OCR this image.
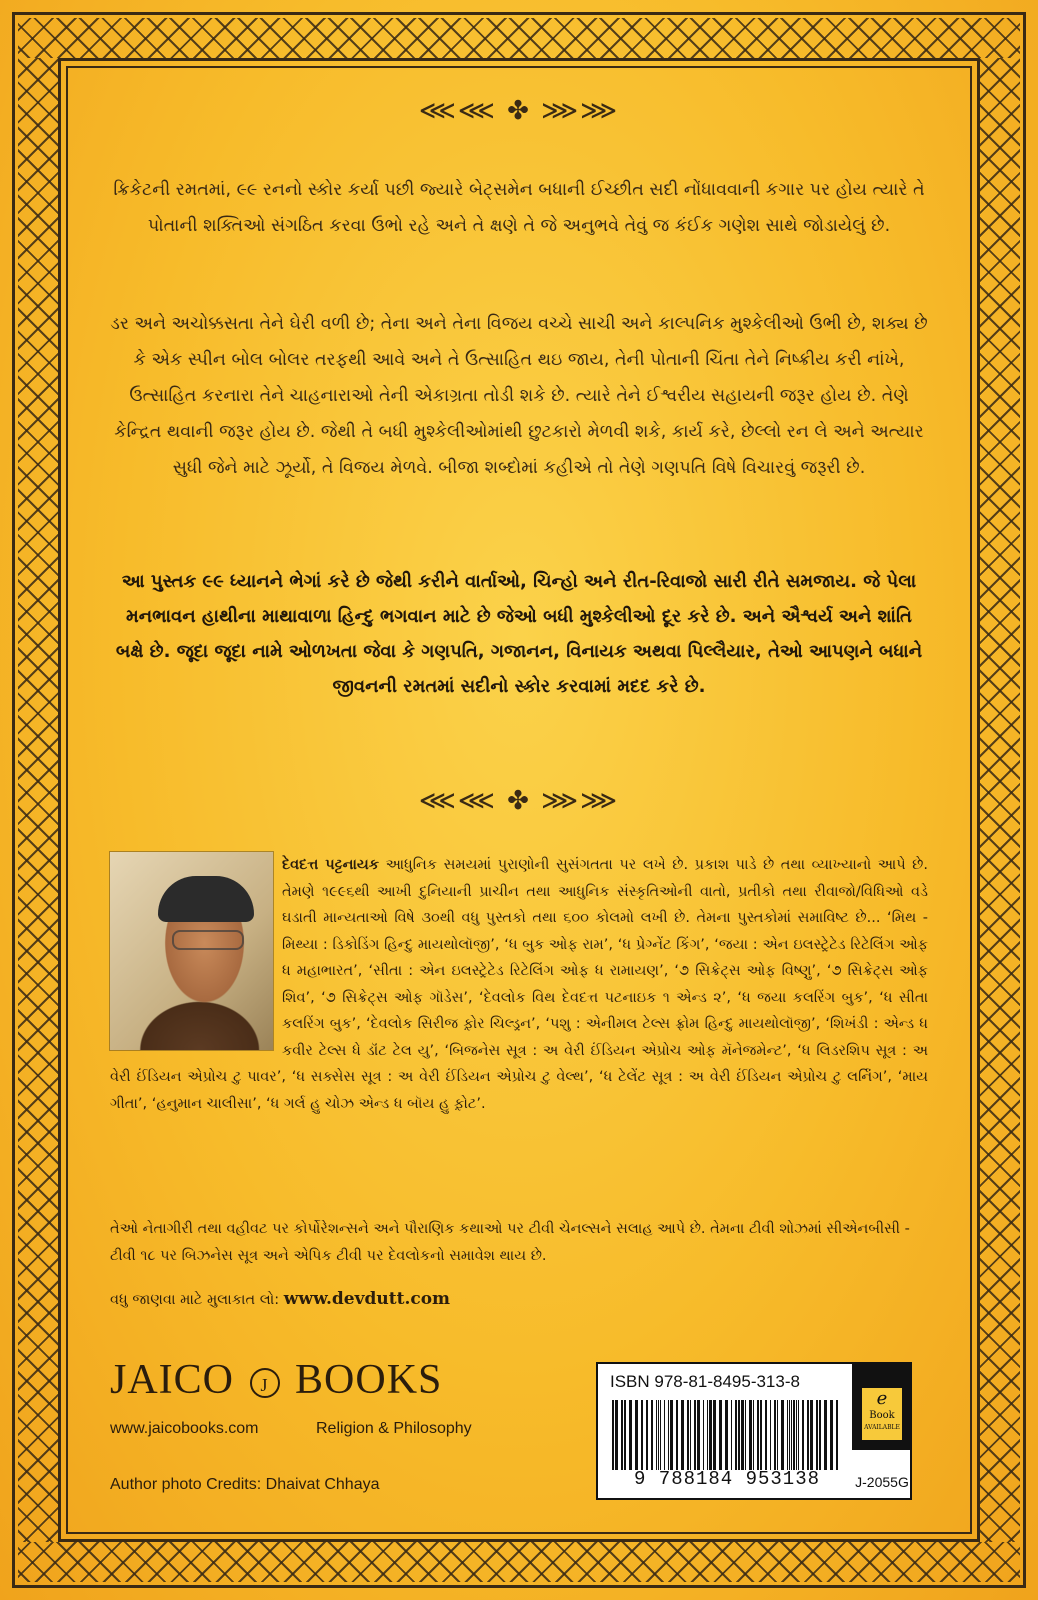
⋘⋘ ✤ ⋙⋙
ક્રિકેટની રમતમાં, ૯૯ રનનો સ્કોર કર્યા પછી જ્યારે બેટ્સમેન બધાની ઈચ્છીત સદી નોંધાવવાની કગાર પર હોય ત્યારે તે પોતાની શક્તિઓ સંગઠિત કરવા ઉભો રહે અને તે ક્ષણે તે જે અનુભવે તેવું જ કંઈક ગણેશ સાથે જોડાયેલું છે.
ડર અને અચોક્કસતા તેને ઘેરી વળી છે; તેના અને તેના વિજય વચ્ચે સાચી અને કાલ્પનિક મુશ્કેલીઓ ઉભી છે, શક્ય છે કે એક સ્પીન બોલ બોલર તરફથી આવે અને તે ઉત્સાહિત થઇ જાય, તેની પોતાની ચિંતા તેને નિષ્ક્રીય કરી નાંખે, ઉત્સાહિત કરનારા તેને ચાહનારાઓ તેની એકાગ્રતા તોડી શકે છે. ત્યારે તેને ઈશ્વરીય સહાયની જરૂર હોય છે. તેણે કેન્દ્રિત થવાની જરૂર હોય છે. જેથી તે બધી મુશ્કેલીઓમાંથી છુટકારો મેળવી શકે, કાર્ય કરે, છેલ્લો રન લે અને અત્યાર સુધી જેને માટે ઝૂર્યો, તે વિજય મેળવે. બીજા શબ્દોમાં કહીએ તો તેણે ગણપતિ વિષે વિચારવું જરૂરી છે.
આ પુસ્તક ૯૯ ધ્યાનને ભેગાં કરે છે જેથી કરીને વાર્તાઓ, ચિન્હો અને રીત-રિવાજો સારી રીતે સમજાય. જે પેલા મનભાવન હાથીના માથાવાળા હિન્દુ ભગવાન માટે છે જેઓ બધી મુશ્કેલીઓ દૂર કરે છે. અને ઐશ્વર્ય અને શાંતિ બક્ષે છે. જૂદા જૂદા નામે ઓળખતા જેવા કે ગણપતિ, ગજાનન, વિનાયક અથવા પિલ્લૈયાર, તેઓ આપણને બધાને જીવનની રમતમાં સદીનો સ્કોર કરવામાં મદદ કરે છે.
⋘⋘ ✤ ⋙⋙
દેવદત્ત પટ્ટનાયક આધુનિક સમયમાં પુરાણોની સુસંગતતા પર લખે છે. પ્રકાશ પાડે છે તથા વ્યાખ્યાનો આપે છે. તેમણે ૧૯૯૬થી આખી દુનિયાની પ્રાચીન તથા આધુનિક સંસ્કૃતિઓની વાતો, પ્રતીકો તથા રીવાજો/વિધિઓ વડે ઘડાતી માન્યતાઓ વિષે ૩૦થી વધુ પુસ્તકો તથા ૬૦૦ કોલમો લખી છે. તેમના પુસ્તકોમાં સમાવિષ્ટ છે... ‘મિથ - મિથ્યા : ડિકોડિંગ હિન્દુ માયથોલૉજી’, ‘ધ બુક ઓફ રામ’, ‘ધ પ્રેગ્નેંટ કિંગ’, ‘જયા : એન ઇલસ્ટ્રેટેડ રિટેલિંગ ઓફ ધ મહાભારત’, ‘સીતા : એન ઇલસ્ટ્રેટેડ રિટેલિંગ ઓફ ધ રામાયણ’, ‘૭ સિક્રેટ્સ ઓફ વિષ્ણુ’, ‘૭ સિક્રેટ્સ ઓફ શિવ’, ‘૭ સિક્રેટ્સ ઓફ ગૉડેસ’, ‘દેવલોક વિથ દેવદત્ત પટનાઇક ૧ એન્ડ ૨’, ‘ધ જયા કલરિંગ બુક’, ‘ધ સીતા કલરિંગ બુક’, ‘દેવલોક સિરીજ ફ઼ોર ચિલ્ડ્રન’, ‘પશુ : એનીમલ ટેલ્સ ફ્રોમ હિન્દુ માયથોલૉજી’, ‘શિખંડી : એન્ડ ધ કવીર ટેલ્સ ધે ડૉંટ ટેલ યુ’, ‘બિજનેસ સૂત્ર : અ વેરી ઈંડિયન એપ્રોચ ઓફ મૅનેજમેન્ટ’, ‘ધ લિડરશિપ સૂત્ર : અ વેરી ઈંડિયન એપ્રોચ ટુ પાવર’, ‘ધ સક્સેસ સૂત્ર : અ વેરી ઈંડિયન એપ્રોચ ટુ વેલ્થ’, ‘ધ ટેલેંટ સૂત્ર : અ વેરી ઈંડિયન એપ્રોચ ટુ લર્નિંગ’, ‘માય ગીતા’, ‘હનુમાન ચાલીસા’, ‘ધ ગર્લ હુ ચોઝ એન્ડ ધ બૉય હુ ફ઼ોટ’.
તેઓ નેતાગીરી તથા વહીવટ પર કોર્પોરેશન્સને અને પૌરાણિક કથાઓ પર ટીવી ચેનલ્સને સલાહ આપે છે. તેમના ટીવી શોઝમાં સીએનબીસી - ટીવી ૧૮ પર બિઝનેસ સૂત્ર અને એપિક ટીવી પર દેવલોકનો સમાવેશ થાય છે.
વધુ જાણવા માટે મુલાકાત લો: www.devdutt.com
JAICO J BOOKS
www.jaicobooks.com	Religion & Philosophy
Author photo Credits: Dhaivat Chhaya
ISBN 978-81-8495-313-8
9 788184 953138
e
Book
AVAILABLE
J-2055G
